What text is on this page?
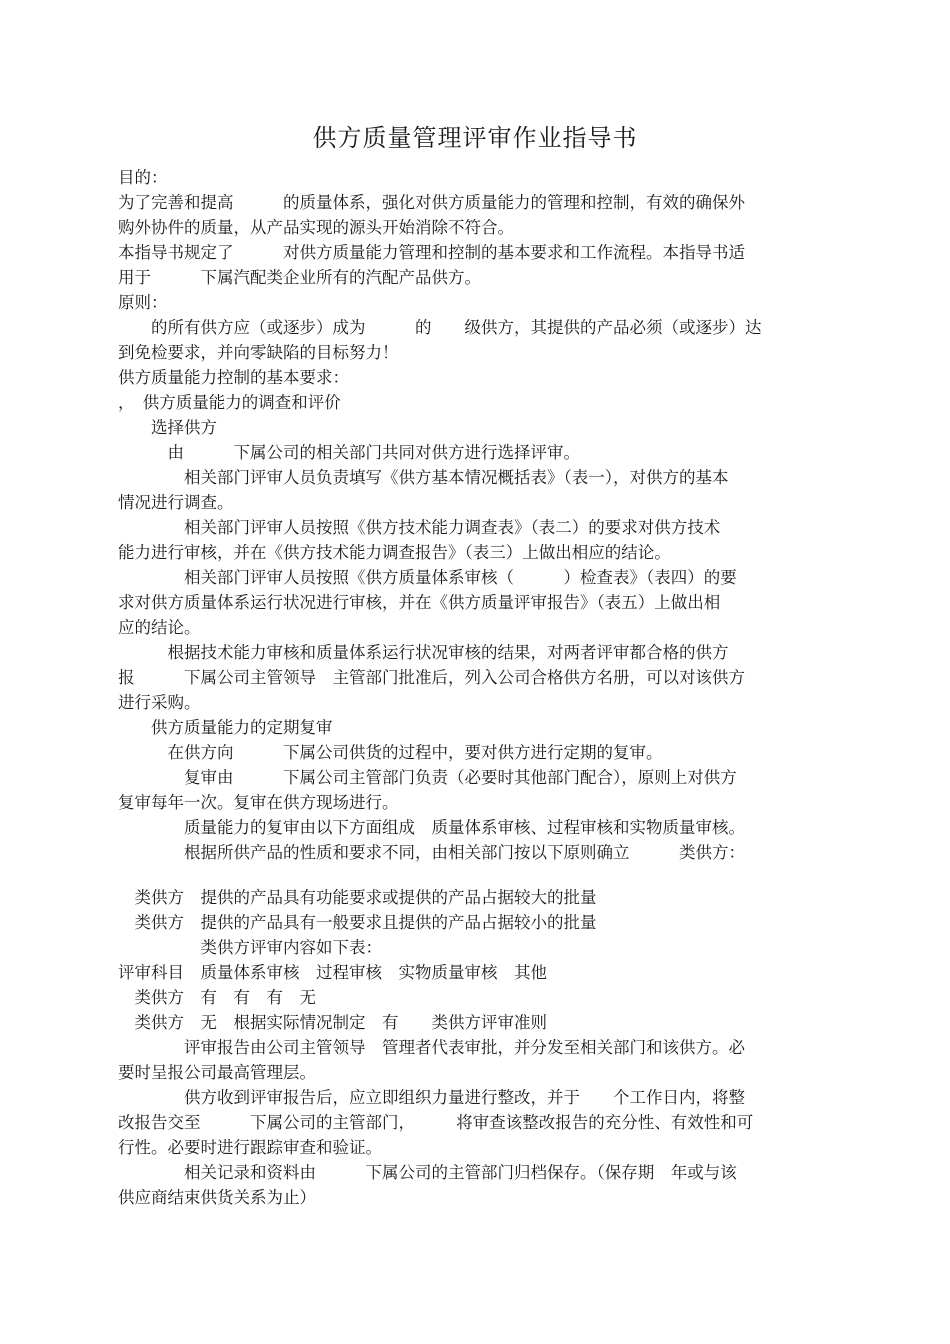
供方质量管理评审作业指导书
目的：
为了完善和提高　　　的质量体系，强化对供方质量能力的管理和控制，有效的确保外
购外协件的质量，从产品实现的源头开始消除不符合。
本指导书规定了　　　对供方质量能力管理和控制的基本要求和工作流程。本指导书适
用于　　　下属汽配类企业所有的汽配产品供方。
原则：
　　的所有供方应（或逐步）成为　　　的　　级供方，其提供的产品必须（或逐步）达
到免检要求，并向零缺陷的目标努力！
供方质量能力控制的基本要求：
，　供方质量能力的调查和评价
　　选择供方
　　　由　　　下属公司的相关部门共同对供方进行选择评审。
　　　　相关部门评审人员负责填写《供方基本情况概括表》（表一），对供方的基本
情况进行调查。
　　　　相关部门评审人员按照《供方技术能力调查表》（表二）的要求对供方技术
能力进行审核，并在《供方技术能力调查报告》（表三）上做出相应的结论。
　　　　相关部门评审人员按照《供方质量体系审核（　　　）检查表》（表四）的要
求对供方质量体系运行状况进行审核，并在《供方质量评审报告》（表五）上做出相
应的结论。
　　　根据技术能力审核和质量体系运行状况审核的结果，对两者评审都合格的供方
报　　　下属公司主管领导　主管部门批准后，列入公司合格供方名册，可以对该供方
进行采购。
　　供方质量能力的定期复审
　　　在供方向　　　下属公司供货的过程中，要对供方进行定期的复审。
　　　　复审由　　　下属公司主管部门负责（必要时其他部门配合），原则上对供方
复审每年一次。复审在供方现场进行。
　　　　质量能力的复审由以下方面组成　质量体系审核、过程审核和实物质量审核。
　　　　根据所供产品的性质和要求不同，由相关部门按以下原则确立　　　类供方：
　类供方　提供的产品具有功能要求或提供的产品占据较大的批量
　类供方　提供的产品具有一般要求且提供的产品占据较小的批量
　　　　　类供方评审内容如下表：
评审科目　质量体系审核　过程审核　实物质量审核　其他
　类供方　有　有　有　无
　类供方　无　根据实际情况制定　有　　类供方评审准则
　　　　评审报告由公司主管领导　管理者代表审批，并分发至相关部门和该供方。必
要时呈报公司最高管理层。
　　　　供方收到评审报告后，应立即组织力量进行整改，并于　　个工作日内，将整
改报告交至　　　下属公司的主管部门，　　　将审查该整改报告的充分性、有效性和可
行性。必要时进行跟踪审查和验证。
　　　　相关记录和资料由　　　下属公司的主管部门归档保存。（保存期　年或与该
供应商结束供货关系为止）
